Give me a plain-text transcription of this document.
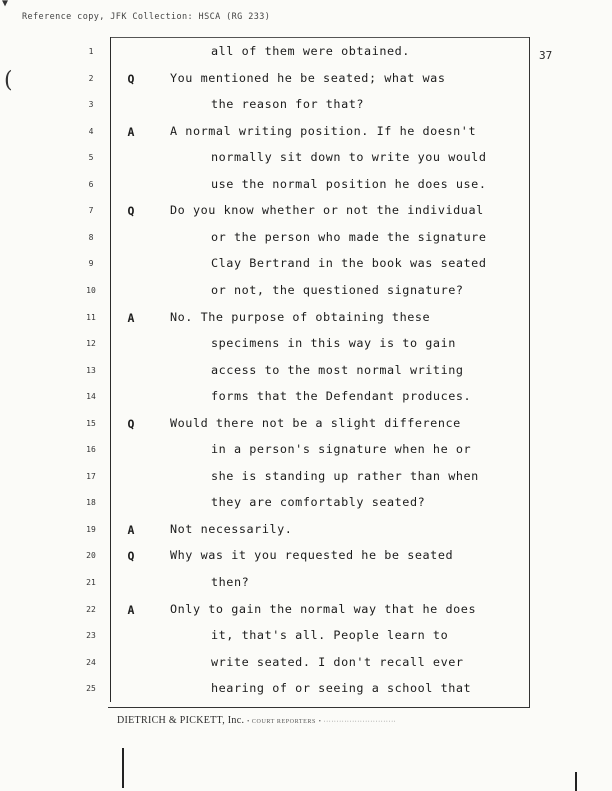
Reference copy, JFK Collection: HSCA (RG 233)
37
1	all of them were obtained.
2	Q	You mentioned he be seated; what was
3	the reason for that?
4	A	A normal writing position. If he doesn't
5	normally sit down to write you would
6	use the normal position he does use.
7	Q	Do you know whether or not the individual
8	or the person who made the signature
9	Clay Bertrand in the book was seated
10	or not, the questioned signature?
11	A	No. The purpose of obtaining these
12	specimens in this way is to gain
13	access to the most normal writing
14	forms that the Defendant produces.
15	Q	Would there not be a slight difference
16	in a person's signature when he or
17	she is standing up rather than when
18	they are comfortably seated?
19	A	Not necessarily.
20	Q	Why was it you requested he be seated
21	then?
22	A	Only to gain the normal way that he does
23	it, that's all. People learn to
24	write seated. I don't recall ever
25	hearing of or seeing a school that
DIETRICH & PICKETT, Inc. • COURT REPORTERS • ····························
▼
(
